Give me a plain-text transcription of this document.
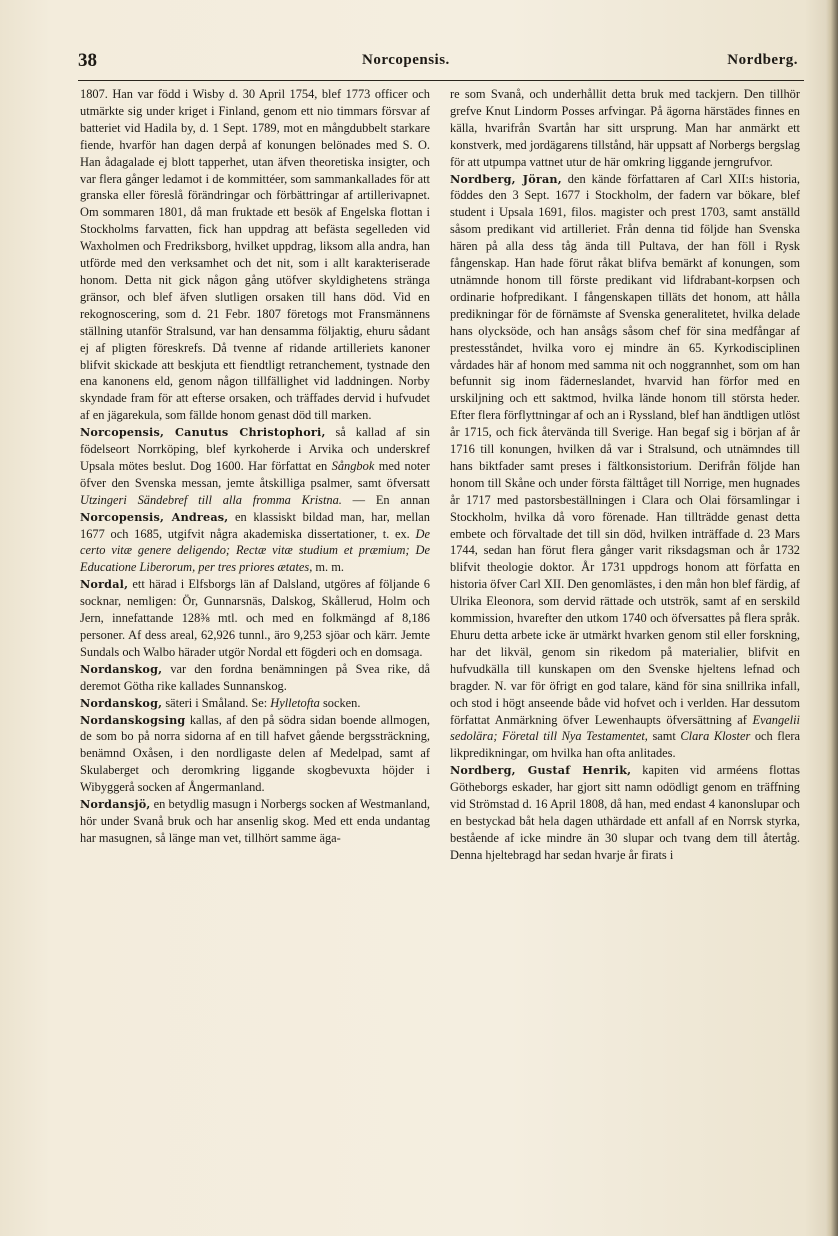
38	Norcopensis.	Nordberg.

1807. Han var född i Wisby d. 30 April 1754, blef 1773 officer och utmärkte sig under kriget i Finland, genom ett nio timmars försvar af batteriet vid Hadila by, d. 1 Sept. 1789, mot en mångdubbelt starkare fiende, hvarför han dagen derpå af konungen belönades med S. O. Han ådagalade ej blott tapperhet, utan äfven theoretiska insigter, och var flera gånger ledamot i de kommittéer, som sammankallades för att granska eller föreslå förändringar och förbättringar af artillerivapnet. Om sommaren 1801, då man fruktade ett besök af Engelska flottan i Stockholms farvatten, fick han uppdrag att befästa segelleden vid Waxholmen och Fredriksborg, hvilket uppdrag, liksom alla andra, han utförde med den verksamhet och det nit, som i allt karakteriserade honom. Detta nit gick någon gång utöfver skyldighetens stränga gränsor, och blef äfven slutligen orsaken till hans död. Vid en rekognoscering, som d. 21 Febr. 1807 företogs mot Fransmännens ställning utanför Stralsund, var han densamma följaktig, ehuru sådant ej af pligten föreskrefs. Då tvenne af ridande artilleriets kanoner blifvit skickade att beskjuta ett fiendtligt retranchement, tystnade den ena kanonens eld, genom någon tillfällighet vid laddningen. Norby skyndade fram för att efterse orsaken, och träffades dervid i hufvudet af en jägarekula, som fällde honom genast död till marken.

Norcopensis, Canutus Christophori, så kallad af sin födelseort Norrköping, blef kyrkoherde i Arvika och underskref Upsala mötes beslut. Dog 1600. Har författat en Sångbok med noter öfver den Svenska messan, jemte åtskilliga psalmer, samt öfversatt Utzingeri Sändebref till alla fromma Kristna. — En annan Norcopensis, Andreas, en klassiskt bildad man, har, mellan 1677 och 1685, utgifvit några akademiska dissertationer, t. ex. De certo vitæ genere deligendo; Rectæ vitæ studium et præmium; De Educatione Liberorum, per tres priores ætates, m. m.

Nordal, ett härad i Elfsborgs län af Dalsland, utgöres af följande 6 socknar, nemligen: Ör, Gunnarsnäs, Dalskog, Skållerud, Holm och Jern, innefattande 128⅜ mtl. och med en folkmängd af 8,186 personer. Af dess areal, 62,926 tunnl., äro 9,253 sjöar och kärr. Jemte Sundals och Walbo härader utgör Nordal ett fögderi och en domsaga.

Nordanskog, var den fordna benämningen på Svea rike, då deremot Götha rike kallades Sunnanskog.

Nordanskog, säteri i Småland. Se: Hylletofta socken.

Nordanskogsing kallas, af den på södra sidan boende allmogen, de som bo på norra sidorna af en till hafvet gående bergssträckning, benämnd Oxåsen, i den nordligaste delen af Medelpad, samt af Skulaberget och deromkring liggande skogbevuxta höjder i Wibyggerå socken af Ångermanland.

Nordansjö, en betydlig masugn i Norbergs socken af Westmanland, hör under Svanå bruk och har ansenlig skog. Med ett enda undantag har masugnen, så länge man vet, tillhört samme äga-

re som Svanå, och underhållit detta bruk med tackjern. Den tillhör grefve Knut Lindorm Posses arfvingar. På ägorna härstädes finnes en källa, hvarifrån Svartån har sitt ursprung. Man har anmärkt ett konstverk, med jordägarens tillstånd, här uppsatt af Norbergs bergslag för att utpumpa vattnet utur de här omkring liggande jerngrufvor.

Nordberg, Jöran, den kände författaren af Carl XII:s historia, föddes den 3 Sept. 1677 i Stockholm, der fadern var bökare, blef student i Upsala 1691, filos. magister och prest 1703, samt anställd såsom predikant vid artilleriet. Från denna tid följde han Svenska hären på alla dess tåg ända till Pultava, der han föll i Rysk fångenskap. Han hade förut råkat blifva bemärkt af konungen, som utnämnde honom till förste predikant vid lifdrabant-korpsen och ordinarie hofpredikant. I fångenskapen tilläts det honom, att hålla predikningar för de förnämste af Svenska generalitetet, hvilka delade hans olycksöde, och han ansågs såsom chef för sina medfångar af prestesståndet, hvilka voro ej mindre än 65. Kyrkodisciplinen vårdades här af honom med samma nit och noggrannhet, som om han befunnit sig inom fäderneslandet, hvarvid han förfor med en urskiljning och ett saktmod, hvilka lände honom till största heder. Efter flera förflyttningar af och an i Ryssland, blef han ändtligen utlöst år 1715, och fick återvända till Sverige. Han begaf sig i början af år 1716 till konungen, hvilken då var i Stralsund, och utnämndes till hans biktfader samt preses i fältkonsistorium. Derifrån följde han honom till Skåne och under första fälttåget till Norrige, men hugnades år 1717 med pastorsbeställningen i Clara och Olai församlingar i Stockholm, hvilka då voro förenade. Han tillträdde genast detta embete och förvaltade det till sin död, hvilken inträffade d. 23 Mars 1744, sedan han förut flera gånger varit riksdagsman och år 1732 blifvit theologie doktor. År 1731 uppdrogs honom att författa en historia öfver Carl XII. Den genomlästes, i den mån hon blef färdig, af Ulrika Eleonora, som dervid rättade och utströk, samt af en serskild kommission, hvarefter den utkom 1740 och öfversattes på flera språk. Ehuru detta arbete icke är utmärkt hvarken genom stil eller forskning, har det likväl, genom sin rikedom på materialier, blifvit en hufvudkälla till kunskapen om den Svenske hjeltens lefnad och bragder. N. var för öfrigt en god talare, känd för sina snillrika infall, och stod i högt anseende både vid hofvet och i verlden. Har dessutom författat Anmärkning öfver Lewenhaupts öfversättning af Evangelii sedolära; Företal till Nya Testamentet, samt Clara Kloster och flera likpredikningar, om hvilka han ofta anlitades.

Nordberg, Gustaf Henrik, kapiten vid arméens flottas Götheborgs eskader, har gjort sitt namn odödligt genom en träffning vid Strömstad d. 16 April 1808, då han, med endast 4 kanonslupar och en bestyckad båt hela dagen uthärdade ett anfall af en Norrsk styrka, bestående af icke mindre än 30 slupar och tvang dem till återtåg. Denna hjeltebragd har sedan hvarje år firats i
